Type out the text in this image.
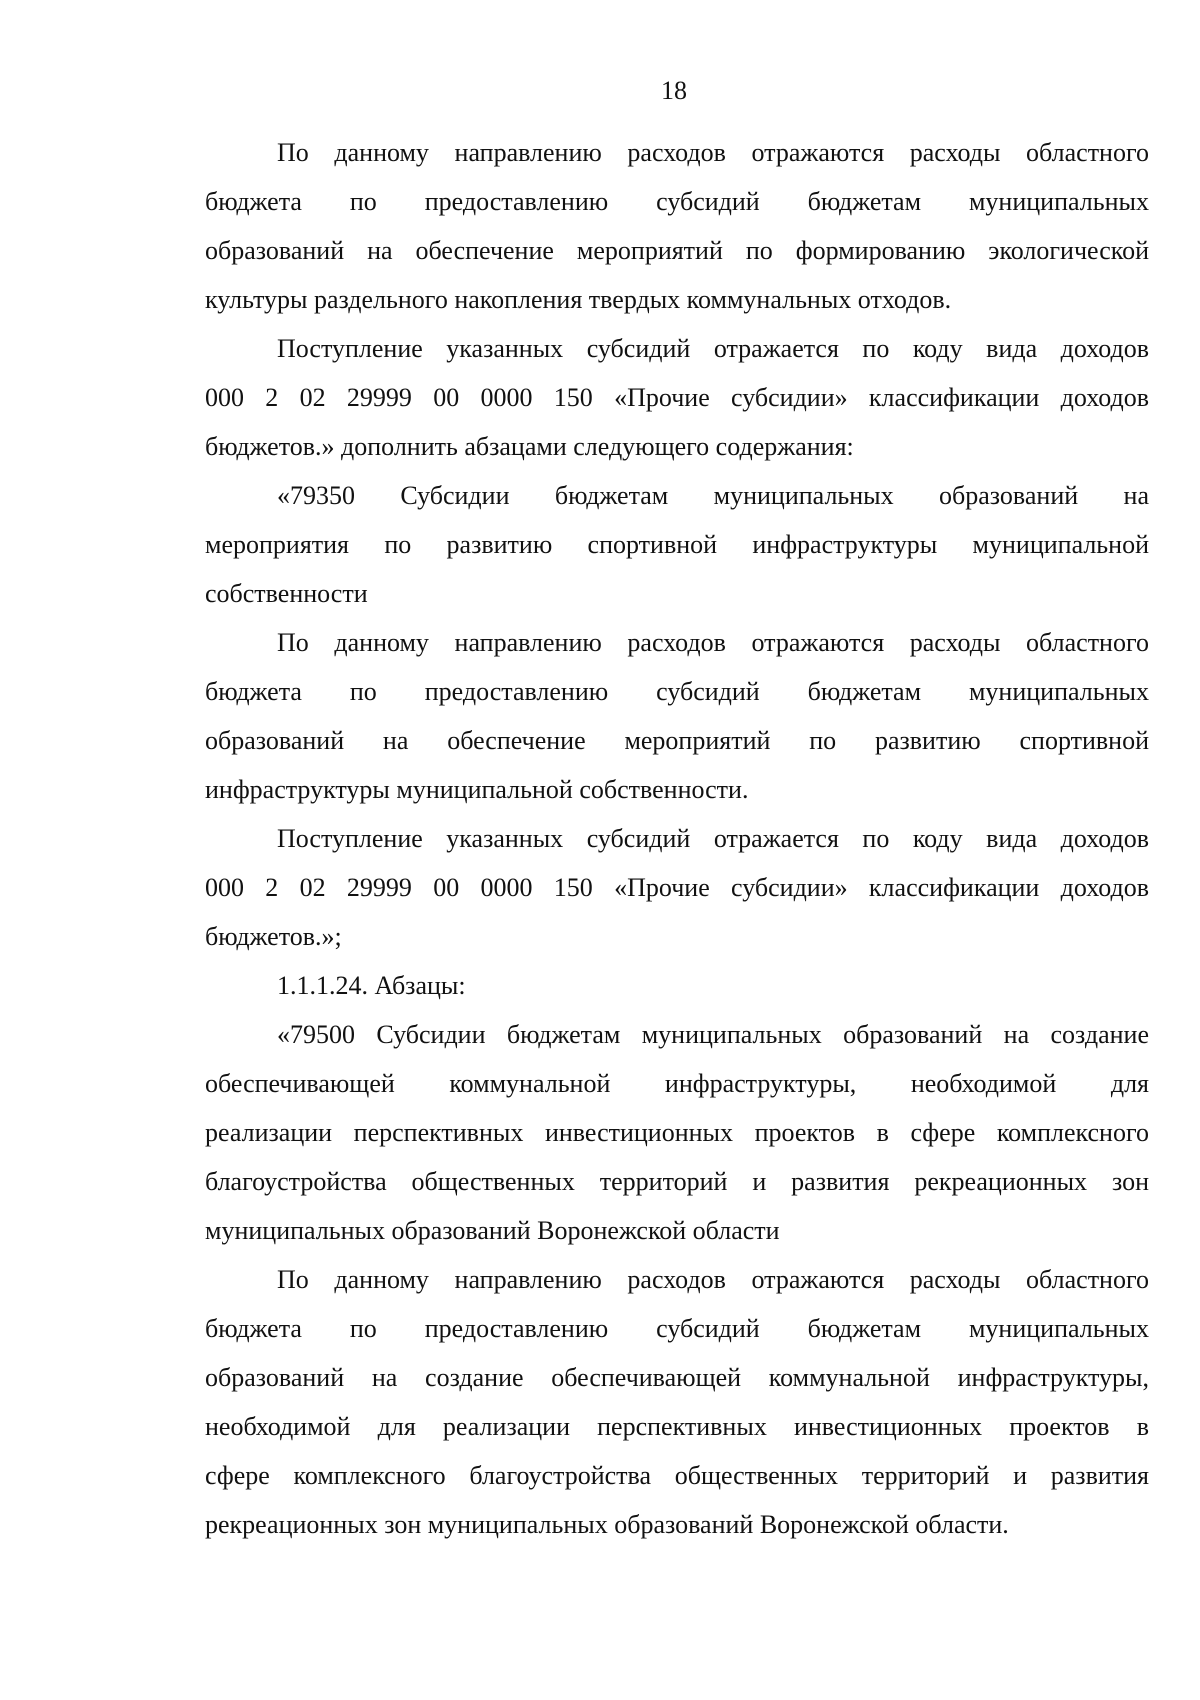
18
По данному направлению расходов отражаются расходы областного
бюджета по предоставлению субсидий бюджетам муниципальных
образований на обеспечение мероприятий по формированию экологической
культуры раздельного накопления твердых коммунальных отходов.
Поступление указанных субсидий отражается по коду вида доходов
000 2 02 29999 00 0000 150 «Прочие субсидии» классификации доходов
бюджетов.» дополнить абзацами следующего содержания:
«79350 Субсидии бюджетам муниципальных образований на
мероприятия по развитию спортивной инфраструктуры муниципальной
собственности
По данному направлению расходов отражаются расходы областного
бюджета по предоставлению субсидий бюджетам муниципальных
образований на обеспечение мероприятий по развитию спортивной
инфраструктуры муниципальной собственности.
Поступление указанных субсидий отражается по коду вида доходов
000 2 02 29999 00 0000 150 «Прочие субсидии» классификации доходов
бюджетов.»;
1.1.1.24. Абзацы:
«79500 Субсидии бюджетам муниципальных образований на создание
обеспечивающей коммунальной инфраструктуры, необходимой для
реализации перспективных инвестиционных проектов в сфере комплексного
благоустройства общественных территорий и развития рекреационных зон
муниципальных образований Воронежской области
По данному направлению расходов отражаются расходы областного
бюджета по предоставлению субсидий бюджетам муниципальных
образований на создание обеспечивающей коммунальной инфраструктуры,
необходимой для реализации перспективных инвестиционных проектов в
сфере комплексного благоустройства общественных территорий и развития
рекреационных зон муниципальных образований Воронежской области.
